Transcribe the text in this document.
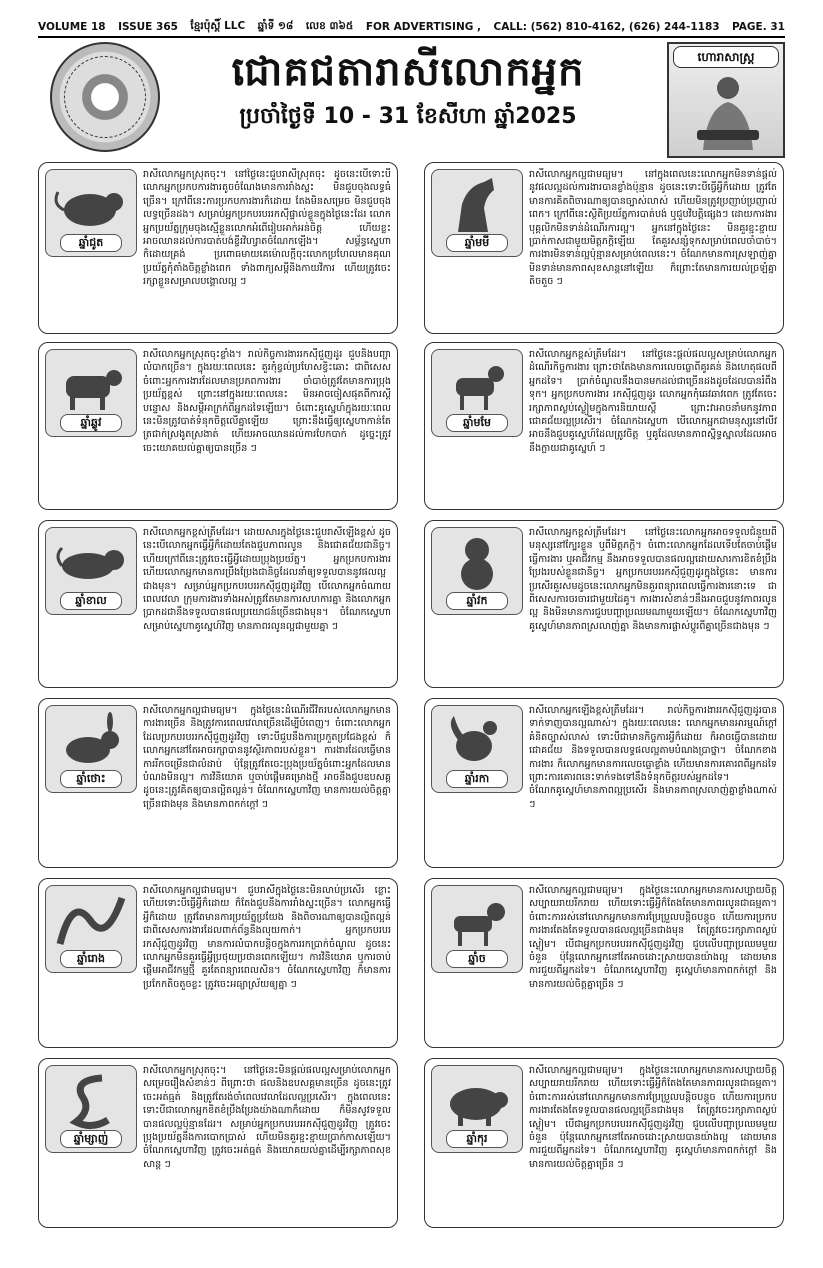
VOLUME 18 ISSUE 365 ខ្មែរប៉ុស្តិ៍ LLC ឆ្នាំទី ១៨ លេខ ៣៦៥ FOR ADVERTISING , CALL: (562) 810-4162, (626) 244-1183 PAGE. 31
ជោគជតារាសីលោកអ្នក
ប្រចាំថ្ងៃទី 10 - 31 ខែសីហា ឆ្នាំ2025
ហោរាសាស្ត្រ
ឆ្នាំជូត
រាសីលោកអ្នកស្រុតចុះ។ នៅថ្ងៃនេះជួបរាសីស្រុតចុះ ដូចនេះបើទោះបីលោកអ្នកប្រកបការងារតូចចំណែងមានការរាំងស្ទះ មិនជួបចុងលទ្ធធំច្រើន។ ក្រៅពីនេះការប្រកបការងារក៏ដោយ តែងមិនសម្រេច មិនជួបចុងលទ្ធច្រើនដង។ សម្រាប់អ្នកប្រកបរបររកស៊ីផ្ទាល់ខ្លួនក្នុងថ្ងៃនេះដែរ លោកអ្នកប្រយ័ត្នក្រុមចុងស្មើខ្លួនលោកអំពើរៀបអាក់អន់ចិត្ត ហើយខ្លះអាចឈានដល់ការបាត់បង់ខ្ចីរវិហរ្វាតចំណែកឡើង។ សម្ព័ន្ធស្នេហាក៏ដោយគ្រង់ ប្រពោធមាយគេម៉ោលក្តីចុះលោកប្រហែលមានគុណ ប្រយ័ត្នកុំតាំងចិត្តខ្លាំងពេក ទាំងពាក្យសម្តីនិងកាយវិការ ហើយត្រូវចេះរក្សាខ្លួនសម្រាលបង្គោលល្អ ៗ
ឆ្នាំមមី
រាសីលោកអ្នកល្អជាមធ្យម។ នៅក្នុងពេលនេះលោកអ្នកមិនទាន់ផ្តល់នូវផលល្អដល់ការងារបានខ្លាំងប៉ុន្មាន ដូចនេះទោះបីធ្វើអ្វីក៏ដោយ ត្រូវតែមានការគិតពិចារណាឲ្យបានច្បាស់លាស់ ហើយមិនត្រូវប្រញាប់ប្រញាល់ពេក។ ក្រៅពីនេះស្ថិតិប្រយ័ត្នការបាត់បង់ ឬជួបវិបត្តិផ្សេងៗ ដោយការងារបុគ្គលិកមិនទាន់ដំណើរការល្អ។ អ្នកនៅក្នុងថ្ងៃនេះ មិនគួរខ្ជះខ្ជាយប្រាក់កាសជាមួយមិត្តភក្តិឡើយ តែគួរសន្សំទុកសម្រាប់ពេលចាំបាច់។ ការងារមិនទាន់ល្អប៉ុន្មានសម្រាប់ពេលនេះ។ ចំណែកមានការស្រឡាញ់គ្នាមិនទាន់មានភាពសុខសាន្តនៅឡើយ ក៏ព្រោះតែមានការយល់ច្រឡំគ្នាតិចតួច ៗ
ឆ្នាំឆ្លូវ
រាសីលោកអ្នកស្រុតចុះខ្លាំង។ រាល់កិច្ចការងាររកស៊ីជួញដូរ ជួបនិងបញ្ហាលំបាកច្រើន។ ក្នុងរយៈពេលនេះ គួរកុំខ្វល់ប្រហែសខ្វិះឆោះ ជាពិសេសចំពោះអ្នកការងារដែលមានប្រភពការងារ ចាំបាច់ត្រូវតែមានការប្រុងប្រយ័ត្នខ្ពស់ ព្រោះនៅក្នុងរយៈពេលនេះ មិនអាចចៀសផុតពីការស្តីបន្ទោស និងសម្តីអាក្រក់ពីអ្នកដទៃឡើយ។ ចំពោះគូស្នេហ៍ក្នុងរយៈពេលនេះមិនត្រូវបាត់ទំនុកចិត្តលើគ្នាឡើយ ព្រោះនឹងធ្វើឲ្យស្នេហាកាន់តែត្រជាក់ស្រងូតស្រងាត់ ហើយអាចឈានដល់ការបែកបាក់ ដូច្នេះត្រូវចេះយោគយល់គ្នាឲ្យបានច្រើន ៗ
ឆ្នាំមមែ
រាសីលោកអ្នកខ្ពស់ត្រឹមដែរ។ នៅថ្ងៃនេះផ្តល់ផលល្អសម្រាប់លោកអ្នកដំណើរកិច្ចការងារ ព្រោះថាតែងមានការលេចធ្លោពីគូរគន់ និងហេតុផលពីអ្នកដទៃ។ ប្រាក់ចំណូលនឹងបានមកដល់ជាច្រើនដងដូចដែលបានរំពឹងទុក។ អ្នកប្រកបការងារ រកស៊ីជួញដូរ លោកអ្នកកុំឆេវឆាវពេក ត្រូវតែចេះរក្សាភាពស្ងប់ស្ងៀមក្នុងការនិយាយស្តី ព្រោះវាអាចនាំមកនូវភាពជោគជ័យល្អប្រសើរ។ ចំណែកឯស្នេហា បើលោកអ្នកជាមនុស្សនៅលីវ អាចនឹងជួបគូស្នេហ៍ដែលត្រូវចិត្ត ឬគូដែលមានភាពស្និទ្ធស្នាលដែលអាចនឹងក្លាយជាគូស្នេហ៍ ៗ
ឆ្នាំខាល
រាសីលោកអ្នកខ្ពស់ត្រឹមដែរ។ ដោយសារក្នុងថ្ងៃនេះជួបរាសីឡើងខ្ពស់ ដូចនេះបើលោកអ្នកធ្វើអ្វីក៏ដោយតែងជួបភាពរលូន និងជោគជ័យជានិច្ច។ ហើយក្រៅពីនេះត្រូវចេះធ្វើអ្វីដោយប្រុងប្រយ័ត្ន។ អ្នកប្រកបការងារ ហើយលោកអ្នកមានការប្រឹងប្រែងជានិច្ចដែលនាំឲ្យទទួលបាននូវផលល្អជាងមុន។ សម្រាប់អ្នកប្រកបរបររកស៊ីជួញដូរវិញ បើលោកអ្នកចំណាយពេលវេលា ក្រុមការងារទាំងអស់ត្រូវតែមានការសហការគ្នា និងលោកអ្នកប្រាកដជានឹងទទួលបានផលប្រយោជន៍ច្រើនជាងមុន។ ចំណែកស្នេហាសម្រាប់ស្នេហាគូស្នេហ៍វិញ មានភាពរលូនល្អជាមួយគ្នា ៗ
ឆ្នាំវក
រាសីលោកអ្នកខ្ពស់ត្រឹមដែរ។ នៅថ្ងៃនេះលោកអ្នកអាចទទួលជំនួយពីមនុស្សនៅក្បែរខ្លួន ឬពីមិត្តភក្តិ។ ចំពោះលោកអ្នកដែលទើបតែចាប់ផ្តើមធ្វើការងារ ឬអាជីវកម្ម នឹងអាចទទួលបានផលល្អដោយសារការខិតខំប្រឹងប្រែងរបស់ខ្លួនជានិច្ច។ អ្នកប្រកបរបររកស៊ីជួញដូរក្នុងថ្ងៃនេះ មានការប្រសើរគួរសមដូចនេះលោកអ្នកមិនគួរពន្យារពេលធ្វើការងារនោះទេ ជាពិសេសការចរចារជាមួយដៃគូ។ ការងារសំខាន់ៗនឹងអាចជួបនូវភាពរលូនល្អ និងមិនមានការជួបបញ្ហាប្រឈមណាមួយឡើយ។ ចំណែកស្នេហាវិញ គូស្នេហ៍មានភាពស្រលាញ់គ្នា និងមានការផ្លាស់ប្តូរពីគ្នាច្រើនជាងមុន ៗ
ឆ្នាំថោះ
រាសីលោកអ្នកល្អជាមធ្យម។ ក្នុងថ្ងៃនេះដំណើរជីវិតរបស់លោកអ្នកមានការងារច្រើន និងត្រូវការពេលវេលាច្រើនដើម្បីបំពេញ។ ចំពោះលោកអ្នកដែលប្រកបរបររកស៊ីជួញដូរវិញ ទោះបីជួបនឹងការប្រកួតប្រជែងខ្ពស់ ក៏លោកអ្នកនៅតែអាចរក្សាបាននូវស្ថិរភាពរបស់ខ្លួន។ ការងារដែលធ្វើមានការរីកចម្រើនជាលំដាប់ ប៉ុន្តែត្រូវតែចេះប្រុងប្រយ័ត្នចំពោះអ្នកដែលមានបំណងមិនល្អ។ ការវិនិយោគ ឬចាប់ផ្តើមគម្រោងថ្មី អាចនឹងជួបឧបសគ្គ ដូចនេះត្រូវគិតឲ្យបានល្អិតល្អន់។ ចំណែកស្នេហាវិញ មានការយល់ចិត្តគ្នាច្រើនជាងមុន និងមានភាពកក់ក្តៅ ៗ
ឆ្នាំរកា
រាសីលោកអ្នកឡើងខ្ពស់ត្រឹមដែរ។ រាល់កិច្ចការងាររកស៊ីជួញដូរបានទាក់ទាញបានល្អណាស់។ ក្នុងរយៈពេលនេះ លោកអ្នកមានអារម្មណ៍ក្តៅ គំនិតច្បាស់លាស់ ទោះបីជាមានកិច្ចការអ្វីក៏ដោយ ក៏អាចធ្វើបានដោយជោគជ័យ និងទទួលបានលទ្ធផលល្អតាមបំណងប្រាថ្នា។ ចំណែកខាងការងារ ក៏លោកអ្នកមានការលេចធ្លោខ្លាំង ហើយមានការគោរពពីអ្នកដទៃ ព្រោះការគោរពនេះទាក់ទងទៅនឹងទំនុកចិត្តរបស់អ្នកដទៃ។ ចំណែកគូស្នេហ៍មានភាពល្អប្រសើរ និងមានភាពស្រលាញ់គ្នាខ្លាំងណាស់ ៗ
ឆ្នាំរោង
រាសីលោកអ្នកល្អជាមធ្យម។ ជួបរាសីក្នុងថ្ងៃនេះមិនលាប់ប្រសើរ ខ្លោះហើយទោះបីធ្វើអ្វីក៏ដោយ ក៏តែងជួបនឹងការរាំងស្ទះច្រើន។ លោកអ្នកធ្វើអ្វីក៏ដោយ ត្រូវតែមានការប្រយ័ត្នប្រយែង និងពិចារណាឲ្យបានល្អិតល្អន់ ជាពិសេសការងារដែលពាក់ព័ន្ធនឹងលុយកាក់។ អ្នកប្រកបរបររកស៊ីជួញដូរវិញ មានការលំបាកបន្តិចក្នុងការរកប្រាក់ចំណូល ដូចនេះលោកអ្នកមិនគួរធ្វើអ្វីប្រថុយប្រថានពេកឡើយ។ ការវិនិយោគ ឬការចាប់ផ្តើមអាជីវកម្មថ្មី គួរតែពន្យារពេលសិន។ ចំណែកស្នេហាវិញ ក៏មានការប្រកែកតិចតួចខ្លះ ត្រូវចេះអធ្យាស្រ័យឲ្យគ្នា ៗ
ឆ្នាំច
រាសីលោកអ្នកល្អជាមធ្យម។ ក្នុងថ្ងៃនេះលោកអ្នកមានការសប្បាយចិត្ត សប្បាយរាយរីករាយ ហើយទោះធ្វើអ្វីក៏តែងតែមានភាពរលូនជាធម្មតា។ ចំពោះការរស់នៅលោកអ្នកមានការប្រែប្រួលបន្តិចបន្តួច ហើយការប្រកបការងារតែងតែទទួលបានផលល្អច្រើនជាងមុន តែត្រូវចេះរក្សាភាពស្ងប់ស្ងៀម។ បើជាអ្នកប្រកបរបររកស៊ីជួញដូរវិញ ជួបលើបញ្ហាប្រឈមមួយចំនួន ប៉ុន្តែលោកអ្នកនៅតែអាចដោះស្រាយបានយ៉ាងល្អ ដោយមានការជួយពីអ្នកដទៃ។ ចំណែកស្នេហាវិញ គូស្នេហ៍មានភាពកក់ក្តៅ និងមានការយល់ចិត្តគ្នាច្រើន ៗ
ឆ្នាំម្សាញ់
រាសីលោកអ្នកស្រុតចុះ។ នៅថ្ងៃនេះមិនផ្តល់ផលល្អសម្រាប់លោកអ្នកសម្រេចរឿងសំខាន់ៗ ពីព្រោះថា ផលនិងឧបសគ្គមានច្រើន ដូចនេះត្រូវចេះអត់ធ្មត់ និងត្រូវតែរង់ចាំពេលវេលាដែលល្អប្រសើរ។ ក្នុងពេលនេះ ទោះបីជាលោកអ្នកខិតខំប្រឹងប្រែងយ៉ាងណាក៏ដោយ ក៏មិនសូវទទួលបានផលល្អប៉ុន្មានដែរ។ សម្រាប់អ្នកប្រកបរបររកស៊ីជួញដូរវិញ ត្រូវចេះប្រុងប្រយ័ត្ននឹងការបោកប្រាស់ ហើយមិនគួរខ្ជះខ្ជាយប្រាក់កាសឡើយ។ ចំណែកស្នេហាវិញ ត្រូវចេះអត់ធ្មត់ និងយោគយល់គ្នាដើម្បីរក្សាភាពសុខសាន្ត ៗ
ឆ្នាំកុរ
រាសីលោកអ្នកល្អជាមធ្យម។ ក្នុងថ្ងៃនេះលោកអ្នកមានការសប្បាយចិត្ត សប្បាយរាយរីករាយ ហើយទោះធ្វើអ្វីក៏តែងតែមានភាពរលូនជាធម្មតា។ ចំពោះការរស់នៅលោកអ្នកមានការប្រែប្រួលបន្តិចបន្តួច ហើយការប្រកបការងារតែងតែទទួលបានផលល្អច្រើនជាងមុន តែត្រូវចេះរក្សាភាពស្ងប់ស្ងៀម។ បើជាអ្នកប្រកបរបររកស៊ីជួញដូរវិញ ជួបលើបញ្ហាប្រឈមមួយចំនួន ប៉ុន្តែលោកអ្នកនៅតែអាចដោះស្រាយបានយ៉ាងល្អ ដោយមានការជួយពីអ្នកដទៃ។ ចំណែកស្នេហាវិញ គូស្នេហ៍មានភាពកក់ក្តៅ និងមានការយល់ចិត្តគ្នាច្រើន ៗ
